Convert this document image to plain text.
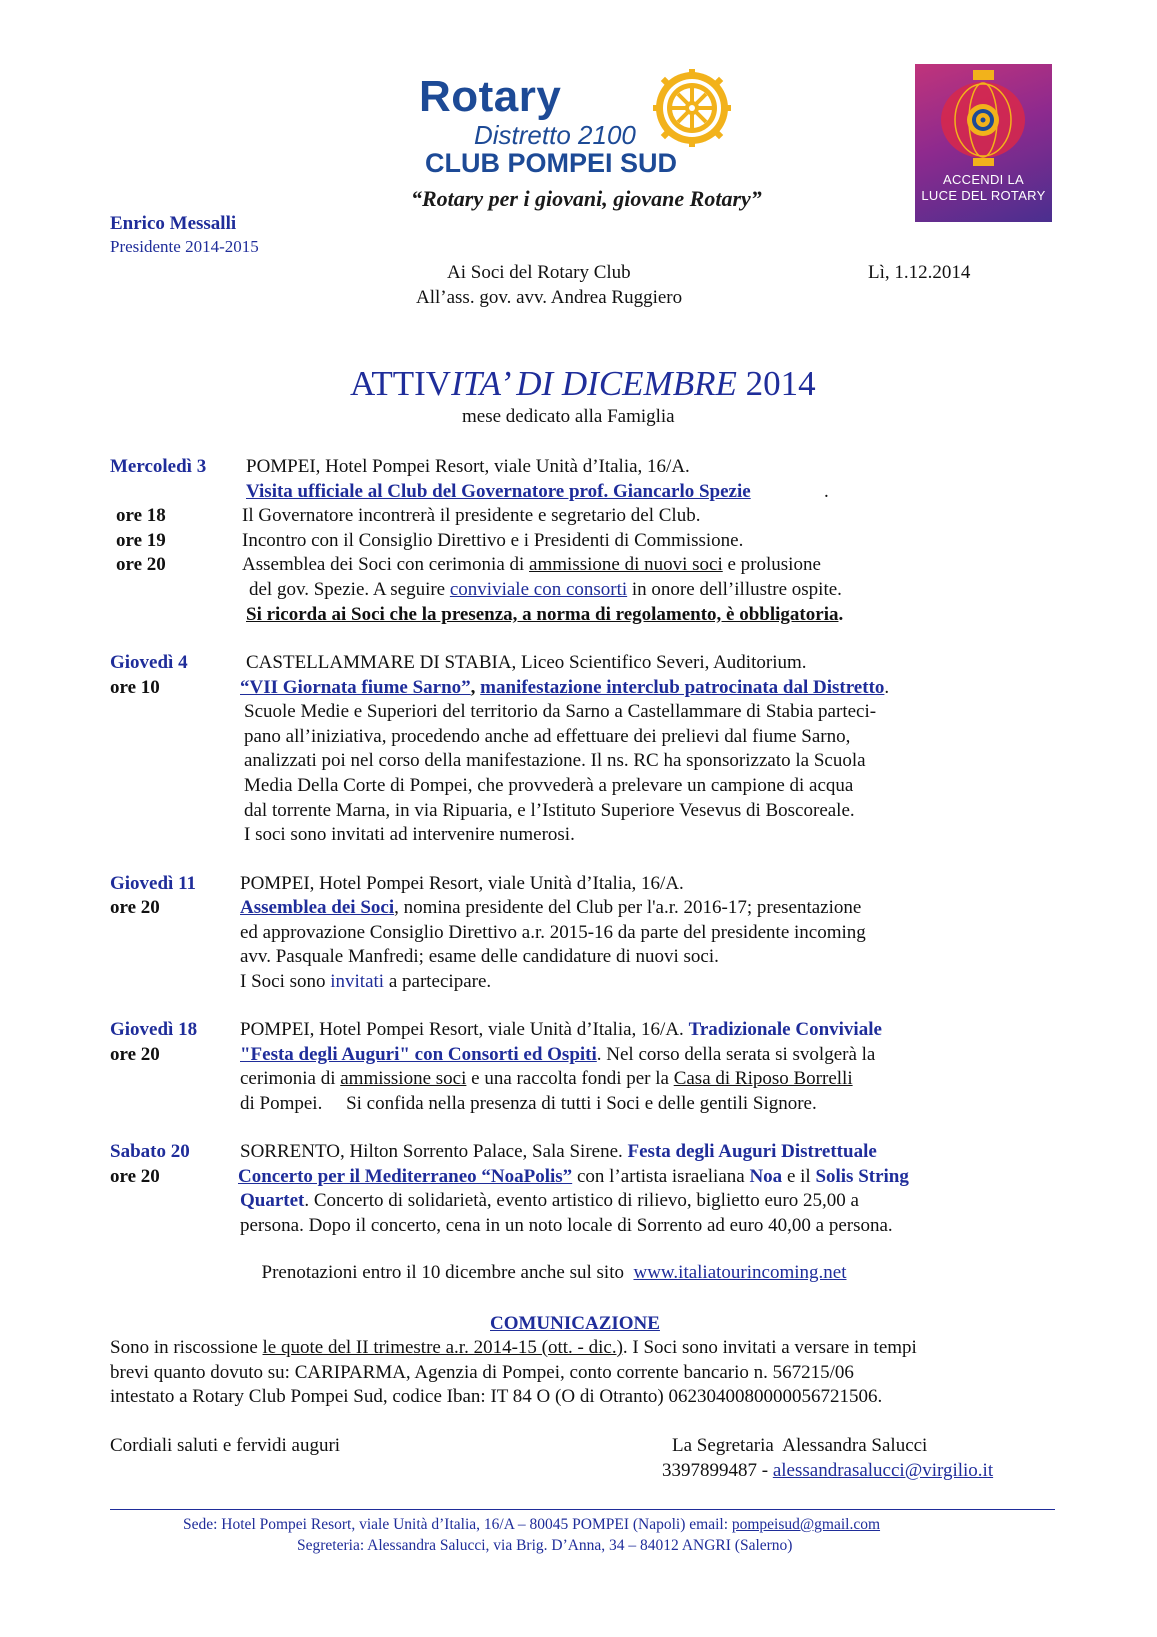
Rotary
Distretto 2100
CLUB POMPEI SUD
“Rotary per i giovani, giovane Rotary”
ACCENDI LA
LUCE DEL ROTARY
Enrico Messalli
Presidente 2014-2015
Ai Soci del Rotary Club	Lì, 1.12.2014
All’ass. gov. avv. Andrea Ruggiero
ATTIVITA’ DI DICEMBRE 2014
mese dedicato alla Famiglia
Mercoledì 3 POMPEI, Hotel Pompei Resort, viale Unità d’Italia, 16/A.
Visita ufficiale al Club del Governatore prof. Giancarlo Spezie	.
ore 18	Il Governatore incontrerà il presidente e segretario del Club.
ore 19	Incontro con il Consiglio Direttivo e i Presidenti di Commissione.
ore 20	Assemblea dei Soci con cerimonia di ammissione di nuovi soci e prolusione
del gov. Spezie. A seguire conviviale con consorti in onore dell’illustre ospite.
Si ricorda ai Soci che la presenza, a norma di regolamento, è obbligatoria.
Giovedì 4	CASTELLAMMARE DI STABIA, Liceo Scientifico Severi, Auditorium.
ore 10	“VII Giornata fiume Sarno”, manifestazione interclub patrocinata dal Distretto.
Scuole Medie e Superiori del territorio da Sarno a Castellammare di Stabia parteci-
pano all’iniziativa, procedendo anche ad effettuare dei prelievi dal fiume Sarno,
analizzati poi nel corso della manifestazione. Il ns. RC ha sponsorizzato la Scuola
Media Della Corte di Pompei, che provvederà a prelevare un campione di acqua
dal torrente Marna, in via Ripuaria, e l’Istituto Superiore Vesevus di Boscoreale.
I soci sono invitati ad intervenire numerosi.
Giovedì 11 POMPEI, Hotel Pompei Resort, viale Unità d’Italia, 16/A.
ore 20	Assemblea dei Soci, nomina presidente del Club per l'a.r. 2016-17; presentazione
ed approvazione Consiglio Direttivo a.r. 2015-16 da parte del presidente incoming
avv. Pasquale Manfredi; esame delle candidature di nuovi soci.
I Soci sono invitati a partecipare.
Giovedì 18 POMPEI, Hotel Pompei Resort, viale Unità d’Italia, 16/A. Tradizionale Conviviale
ore 20	"Festa degli Auguri" con Consorti ed Ospiti. Nel corso della serata si svolgerà la
cerimonia di ammissione soci e una raccolta fondi per la Casa di Riposo Borrelli
di Pompei.     Si confida nella presenza di tutti i Soci e delle gentili Signore.
Sabato 20	SORRENTO, Hilton Sorrento Palace, Sala Sirene. Festa degli Auguri Distrettuale
ore 20	Concerto per il Mediterraneo “NoaPolis” con l’artista israeliana Noa e il Solis String
Quartet. Concerto di solidarietà, evento artistico di rilievo, biglietto euro 25,00 a
persona. Dopo il concerto, cena in un noto locale di Sorrento ad euro 40,00 a persona.

Prenotazioni entro il 10 dicembre anche sul sito  www.italiatourincoming.net

COMUNICAZIONE
Sono in riscossione le quote del II trimestre a.r. 2014-15 (ott. - dic.). I Soci sono invitati a versare in tempi
brevi quanto dovuto su: CARIPARMA, Agenzia di Pompei, conto corrente bancario n. 567215/06
intestato a Rotary Club Pompei Sud, codice Iban: IT 84 O (O di Otranto) 0623040080000056721506.
Cordiali saluti e fervidi auguri	La Segretaria  Alessandra Salucci
3397899487 - alessandrasalucci@virgilio.it
Sede: Hotel Pompei Resort, viale Unità d’Italia, 16/A – 80045 POMPEI (Napoli) email: pompeisud@gmail.com
Segreteria: Alessandra Salucci, via Brig. D’Anna, 34 – 84012 ANGRI (Salerno)
